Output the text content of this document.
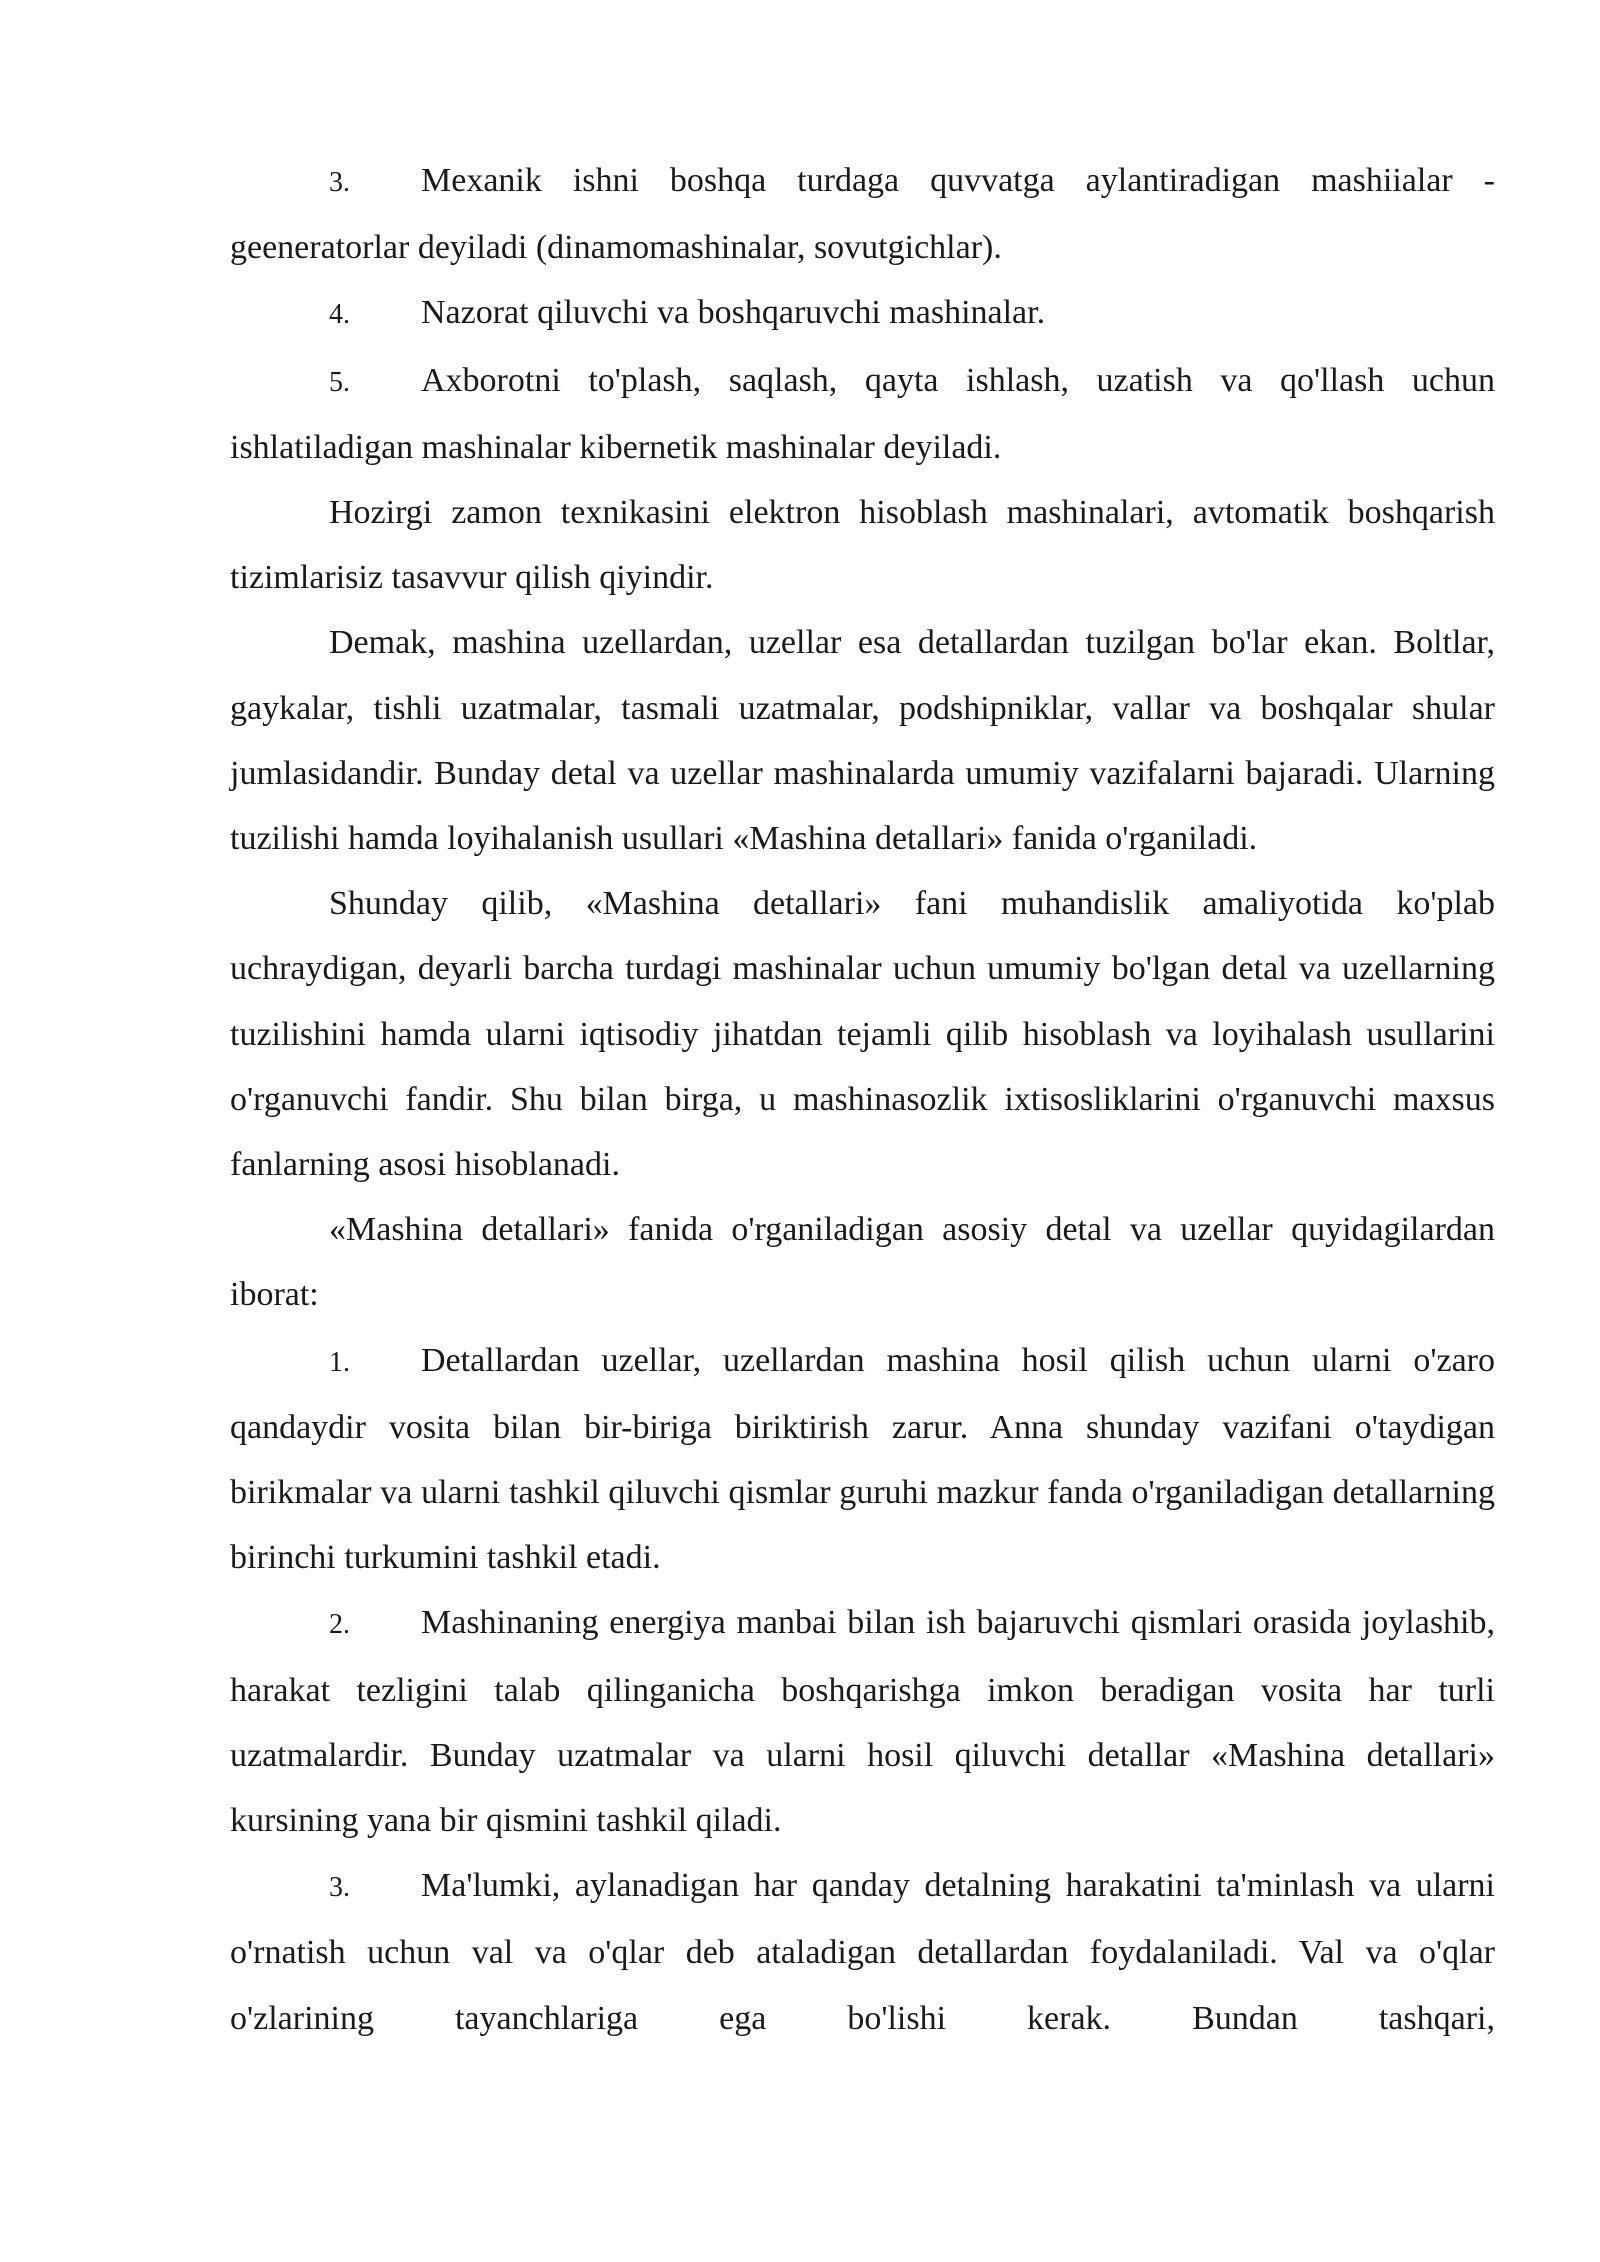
3. Mexanik ishni boshqa turdaga quvvatga aylantiradigan mashiialar - geeneratorlar deyiladi (dinamomashinalar, sovutgichlar).

4. Nazorat qiluvchi va boshqaruvchi mashinalar.

5. Axborotni to'plash, saqlash, qayta ishlash, uzatish va qo'llash uchun ishlatiladigan mashinalar kibernetik mashinalar deyiladi.

Hozirgi zamon texnikasini elektron hisoblash mashinalari, avtomatik boshqarish tizimlarisiz tasavvur qilish qiyindir.

Demak, mashina uzellardan, uzellar esa detallardan tuzilgan bo'lar ekan. Boltlar, gaykalar, tishli uzatmalar, tasmali uzatmalar, podshipniklar, vallar va boshqalar shular jumlasidandir. Bunday detal va uzellar mashinalarda umumiy vazifalarni bajaradi. Ularning tuzilishi hamda loyihalanish usullari «Mashina detallari» fanida o'rganiladi.

Shunday qilib, «Mashina detallari» fani muhandislik amaliyotida ko'plab uchraydigan, deyarli barcha turdagi mashinalar uchun umumiy bo'lgan detal va uzellarning tuzilishini hamda ularni iqtisodiy jihatdan tejamli qilib hisoblash va loyihalash usullarini o'rganuvchi fandir. Shu bilan birga, u mashinasozlik ixtisosliklarini o'rganuvchi maxsus fanlarning asosi hisoblanadi.

«Mashina detallari» fanida o'rganiladigan asosiy detal va uzellar quyidagilardan iborat:

1. Detallardan uzellar, uzellardan mashina hosil qilish uchun ularni o'zaro qandaydir vosita bilan bir-biriga biriktirish zarur. Anna shunday vazifani o'taydigan birikmalar va ularni tashkil qiluvchi qismlar guruhi mazkur fanda o'rganiladigan detallarning birinchi turkumini tashkil etadi.

2. Mashinaning energiya manbai bilan ish bajaruvchi qismlari orasida joylashib, harakat tezligini talab qilinganicha boshqarishga imkon beradigan vosita har turli uzatmalardir. Bunday uzatmalar va ularni hosil qiluvchi detallar «Mashina detallari» kursining yana bir qismini tashkil qiladi.

3. Ma'lumki, aylanadigan har qanday detalning harakatini ta'minlash va ularni o'rnatish uchun val va o'qlar deb ataladigan detallardan foydalaniladi. Val va o'qlar o'zlarining tayanchlariga ega bo'lishi kerak. Bundan tashqari,
